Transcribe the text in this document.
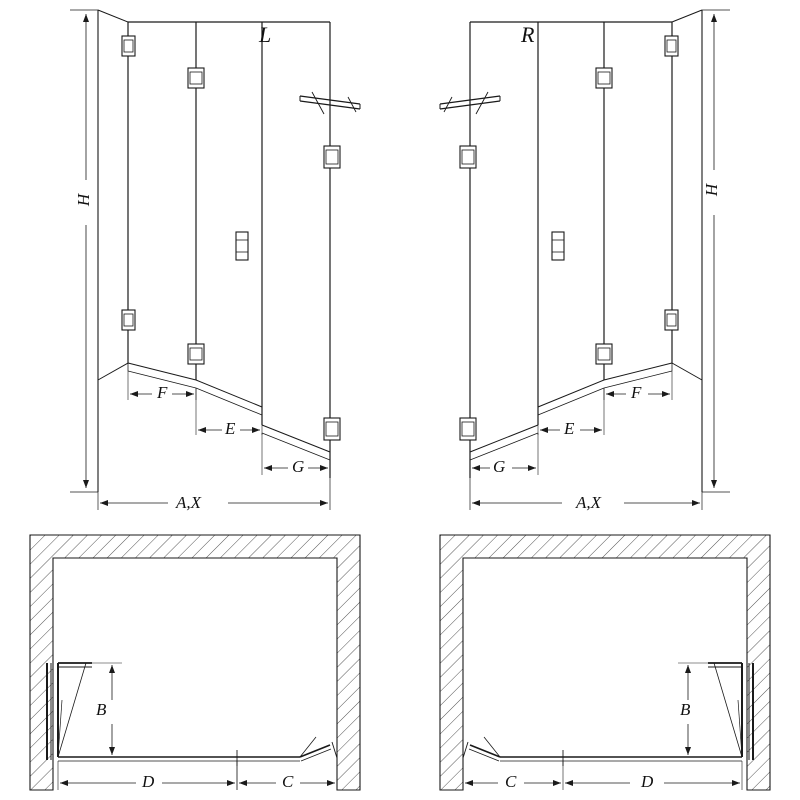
L	R
H
H
A,X	A,X
F
E
G
F
E
G
B
D	C
B
D
C
